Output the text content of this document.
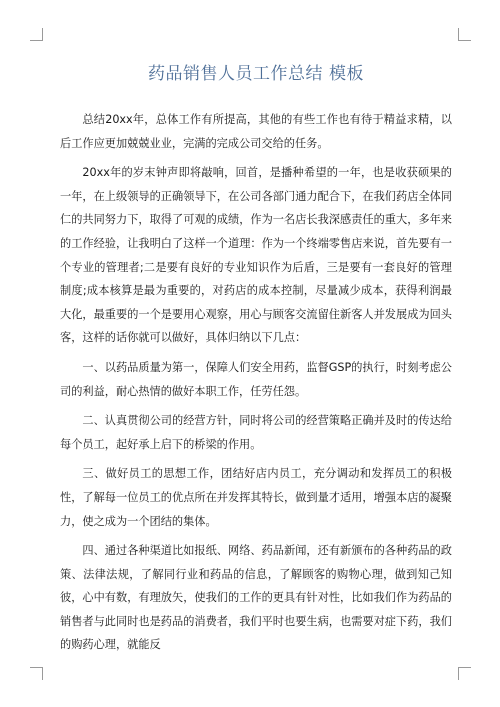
药品销售人员工作总结 模板

总结20xx年，总体工作有所提高，其他的有些工作也有待于精益求精，以后工作应更加兢兢业业，完满的完成公司交给的任务。

20xx年的岁末钟声即将敲响，回首，是播种希望的一年，也是收获硕果的一年，在上级领导的正确领导下，在公司各部门通力配合下，在我们药店全体同仁的共同努力下，取得了可观的成绩，作为一名店长我深感责任的重大，多年来的工作经验，让我明白了这样一个道理：作为一个终端零售店来说，首先要有一个专业的管理者;二是要有良好的专业知识作为后盾，三是要有一套良好的管理制度;成本核算是最为重要的，对药店的成本控制，尽量减少成本，获得利润最大化，最重要的一个是要用心观察，用心与顾客交流留住新客人并发展成为回头客，这样的话你就可以做好，具体归纳以下几点：

一、以药品质量为第一，保障人们安全用药，监督GSP的执行，时刻考虑公司的利益，耐心热情的做好本职工作，任劳任怨。

二、认真贯彻公司的经营方针，同时将公司的经营策略正确并及时的传达给每个员工，起好承上启下的桥梁的作用。

三、做好员工的思想工作，团结好店内员工，充分调动和发挥员工的积极性，了解每一位员工的优点所在并发挥其特长，做到量才适用，增强本店的凝聚力，使之成为一个团结的集体。

四、通过各种渠道比如报纸、网络、药品新闻，还有新颁布的各种药品的政策、法律法规，了解同行业和药品的信息，了解顾客的购物心理，做到知己知彼，心中有数，有理放矢，使我们的工作的更具有针对性，比如我们作为药品的销售者与此同时也是药品的消费者，我们平时也要生病，也需要对症下药，我们的购药心理，就能反
